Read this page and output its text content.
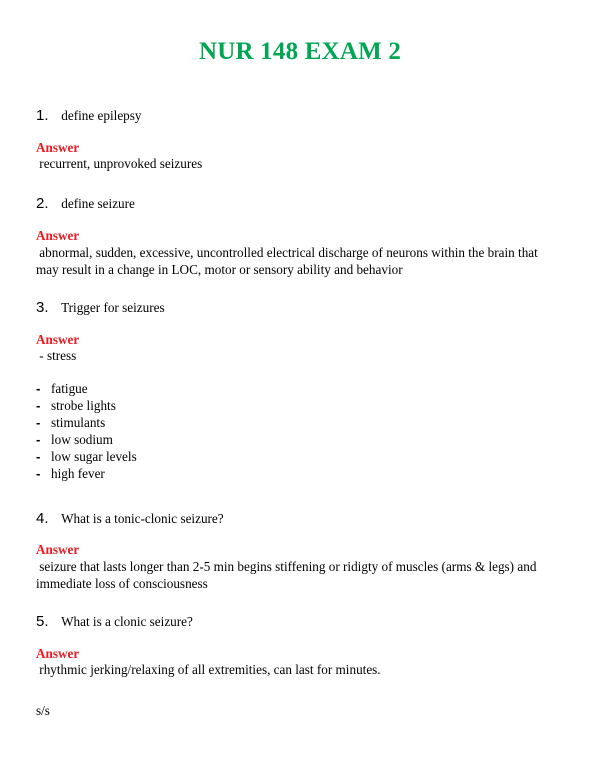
NUR 148 EXAM 2
1. define epilepsy
Answer
recurrent, unprovoked seizures
2. define seizure
Answer
abnormal, sudden, excessive, uncontrolled electrical discharge of neurons within the brain that
may result in a change in LOC, motor or sensory ability and behavior
3. Trigger for seizures
Answer
- stress
- fatigue
- strobe lights
- stimulants
- low sodium
- low sugar levels
- high fever
4. What is a tonic-clonic seizure?
Answer
seizure that lasts longer than 2-5 min begins stiffening or ridigty of muscles (arms & legs) and
immediate loss of consciousness
5. What is a clonic seizure?
Answer
rhythmic jerking/relaxing of all extremities, can last for minutes.
s/s
